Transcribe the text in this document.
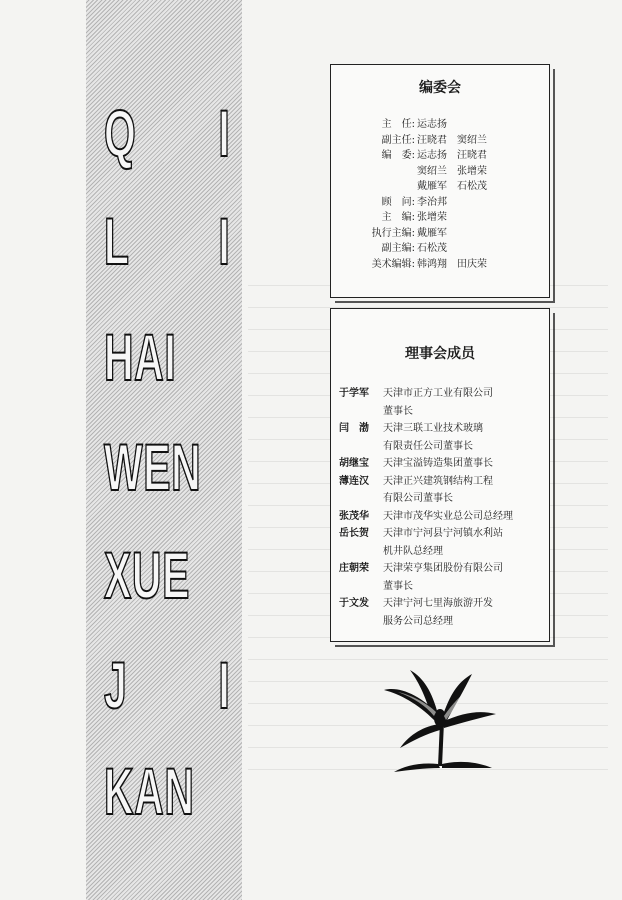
Q I
L I
HAI
WEN
XUE
J I
KAN
编委会
主　任: 运志扬
副主任: 汪晓君　窦绍兰
编　委: 运志扬　汪晓君
窦绍兰　张增荣
戴雁军　石松茂
顾　问: 李治邦
主　编: 张增荣
执行主编: 戴雁军
副主编: 石松茂
美术编辑: 韩鸿翔　田庆荣
理事会成员
于学军	天津市正方工业有限公司
董事长
闫　渤	天津三联工业技术玻璃
有限责任公司董事长
胡继宝	天津宝溢铸造集团董事长
薄连汉	天津正兴建筑钢结构工程
有限公司董事长
张茂华	天津市茂华实业总公司总经理
岳长贺	天津市宁河县宁河镇水利站
机井队总经理
庄朝荣	天津荣亨集团股份有限公司
董事长
于文发	天津宁河七里海旅游开发
服务公司总经理
